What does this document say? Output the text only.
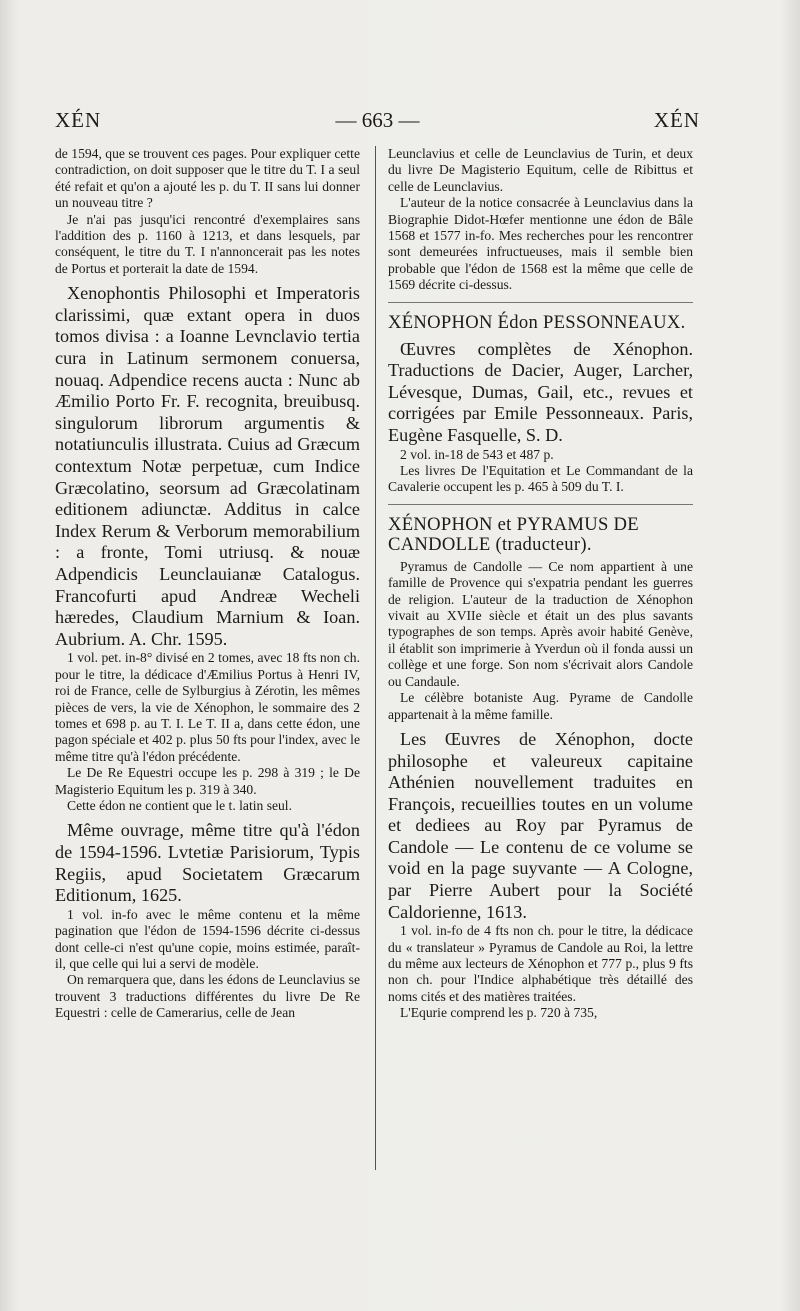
XÉN	— 663 —	XÉN

de 1594, que se trouvent ces pages. Pour expliquer cette contradiction, on doit supposer que le titre du T. I a seul été refait et qu'on a ajouté les p. du T. II sans lui donner un nouveau titre ?

Je n'ai pas jusqu'ici rencontré d'exemplaires sans l'addition des p. 1160 à 1213, et dans lesquels, par conséquent, le titre du T. I n'annoncerait pas les notes de Portus et porterait la date de 1594.

Xenophontis Philosophi et Imperatoris clarissimi, quæ extant opera in duos tomos divisa : a Ioanne Levnclavio tertia cura in Latinum sermonem conuersa, nouaq. Adpendice recens aucta : Nunc ab Æmilio Porto Fr. F. recognita, breuibusq. singulorum librorum argumentis & notatiunculis illustrata. Cuius ad Græcum contextum Notæ perpetuæ, cum Indice Græcolatino, seorsum ad Græcolatinam editionem adiunctæ. Additus in calce Index Rerum & Verborum memorabilium : a fronte, Tomi utriusq. & nouæ Adpendicis Leunclauianæ Catalogus. Francofurti apud Andreæ Wecheli hæredes, Claudium Marnium & Ioan. Aubrium. A. Chr. 1595.

1 vol. pet. in-8° divisé en 2 tomes, avec 18 fts non ch. pour le titre, la dédicace d'Æmilius Portus à Henri IV, roi de France, celle de Sylburgius à Zérotin, les mêmes pièces de vers, la vie de Xénophon, le sommaire des 2 tomes et 698 p. au T. I. Le T. II a, dans cette édon, une pagon spéciale et 402 p. plus 50 fts pour l'index, avec le même titre qu'à l'édon précédente.

Le De Re Equestri occupe les p. 298 à 319 ; le De Magisterio Equitum les p. 319 à 340.

Cette édon ne contient que le t. latin seul.

Même ouvrage, même titre qu'à l'édon de 1594-1596. Lvtetiæ Parisiorum, Typis Regiis, apud Societatem Græcarum Editionum, 1625.

1 vol. in-fo avec le même contenu et la même pagination que l'édon de 1594-1596 décrite ci-dessus dont celle-ci n'est qu'une copie, moins estimée, paraît-il, que celle qui lui a servi de modèle.

On remarquera que, dans les édons de Leunclavius se trouvent 3 traductions différentes du livre De Re Equestri : celle de Camerarius, celle de Jean

Leunclavius et celle de Leunclavius de Turin, et deux du livre De Magisterio Equitum, celle de Ribittus et celle de Leunclavius.

L'auteur de la notice consacrée à Leunclavius dans la Biographie Didot-Hœfer mentionne une édon de Bâle 1568 et 1577 in-fo. Mes recherches pour les rencontrer sont demeurées infructueuses, mais il semble bien probable que l'édon de 1568 est la même que celle de 1569 décrite ci-dessus.

XÉNOPHON Édon PESSONNEAUX.

Œuvres complètes de Xénophon. Traductions de Dacier, Auger, Larcher, Lévesque, Dumas, Gail, etc., revues et corrigées par Emile Pessonneaux. Paris, Eugène Fasquelle, S. D.

2 vol. in-18 de 543 et 487 p.

Les livres De l'Equitation et Le Commandant de la Cavalerie occupent les p. 465 à 509 du T. I.

XÉNOPHON et PYRAMUS DE CANDOLLE (traducteur).

Pyramus de Candolle — Ce nom appartient à une famille de Provence qui s'expatria pendant les guerres de religion. L'auteur de la traduction de Xénophon vivait au XVIIe siècle et était un des plus savants typographes de son temps. Après avoir habité Genève, il établit son imprimerie à Yverdun où il fonda aussi un collège et une forge. Son nom s'écrivait alors Candole ou Candaule.

Le célèbre botaniste Aug. Pyrame de Candolle appartenait à la même famille.

Les Œuvres de Xénophon, docte philosophe et valeureux capitaine Athénien nouvellement traduites en François, recueillies toutes en un volume et dediees au Roy par Pyramus de Candole — Le contenu de ce volume se void en la page suyvante — A Cologne, par Pierre Aubert pour la Société Caldorienne, 1613.

1 vol. in-fo de 4 fts non ch. pour le titre, la dédicace du « translateur » Pyramus de Candole au Roi, la lettre du même aux lecteurs de Xénophon et 777 p., plus 9 fts non ch. pour l'Indice alphabétique très détaillé des noms cités et des matières traitées.

L'Equrie comprend les p. 720 à 735,
